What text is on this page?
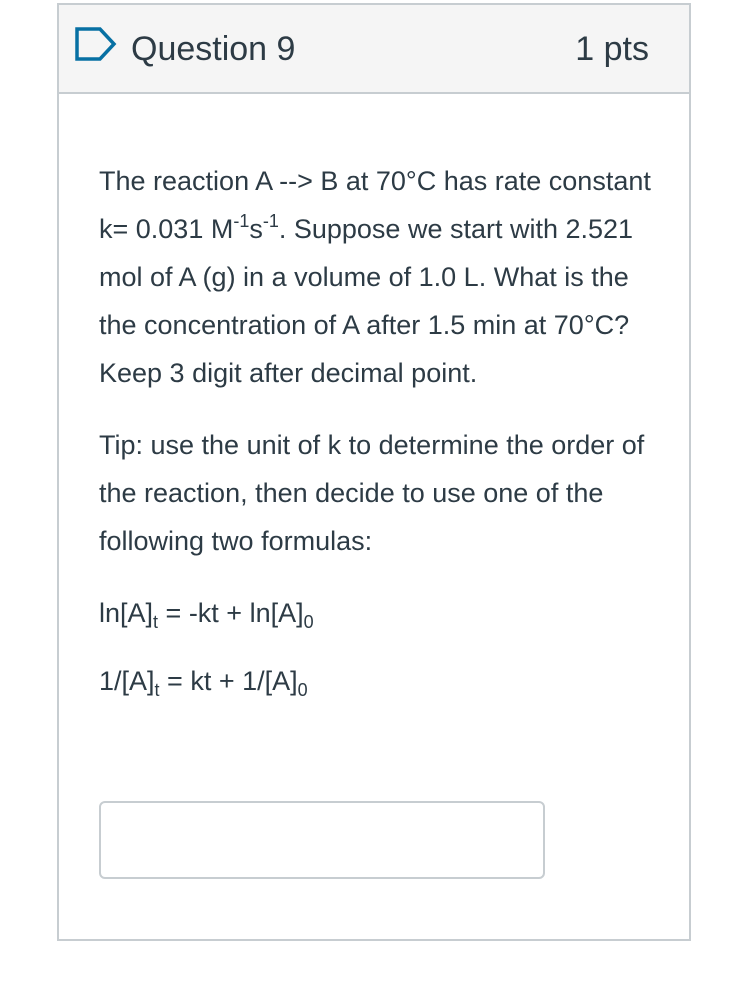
Question 9	1 pts

The reaction A --> B at 70°C has rate constant k= 0.031 $M^{-1}s^{-1}$. Suppose we start with 2.521 mol of A (g) in a volume of 1.0 L. What is the the concentration of A after 1.5 min at 70°C? Keep 3 digit after decimal point.

Tip: use the unit of k to determine the order of the reaction, then decide to use one of the following two formulas:

$\ln[A]_t = -kt + \ln[A]_0$

$1/[A]_t$ = kt + $1/[A]_0$
